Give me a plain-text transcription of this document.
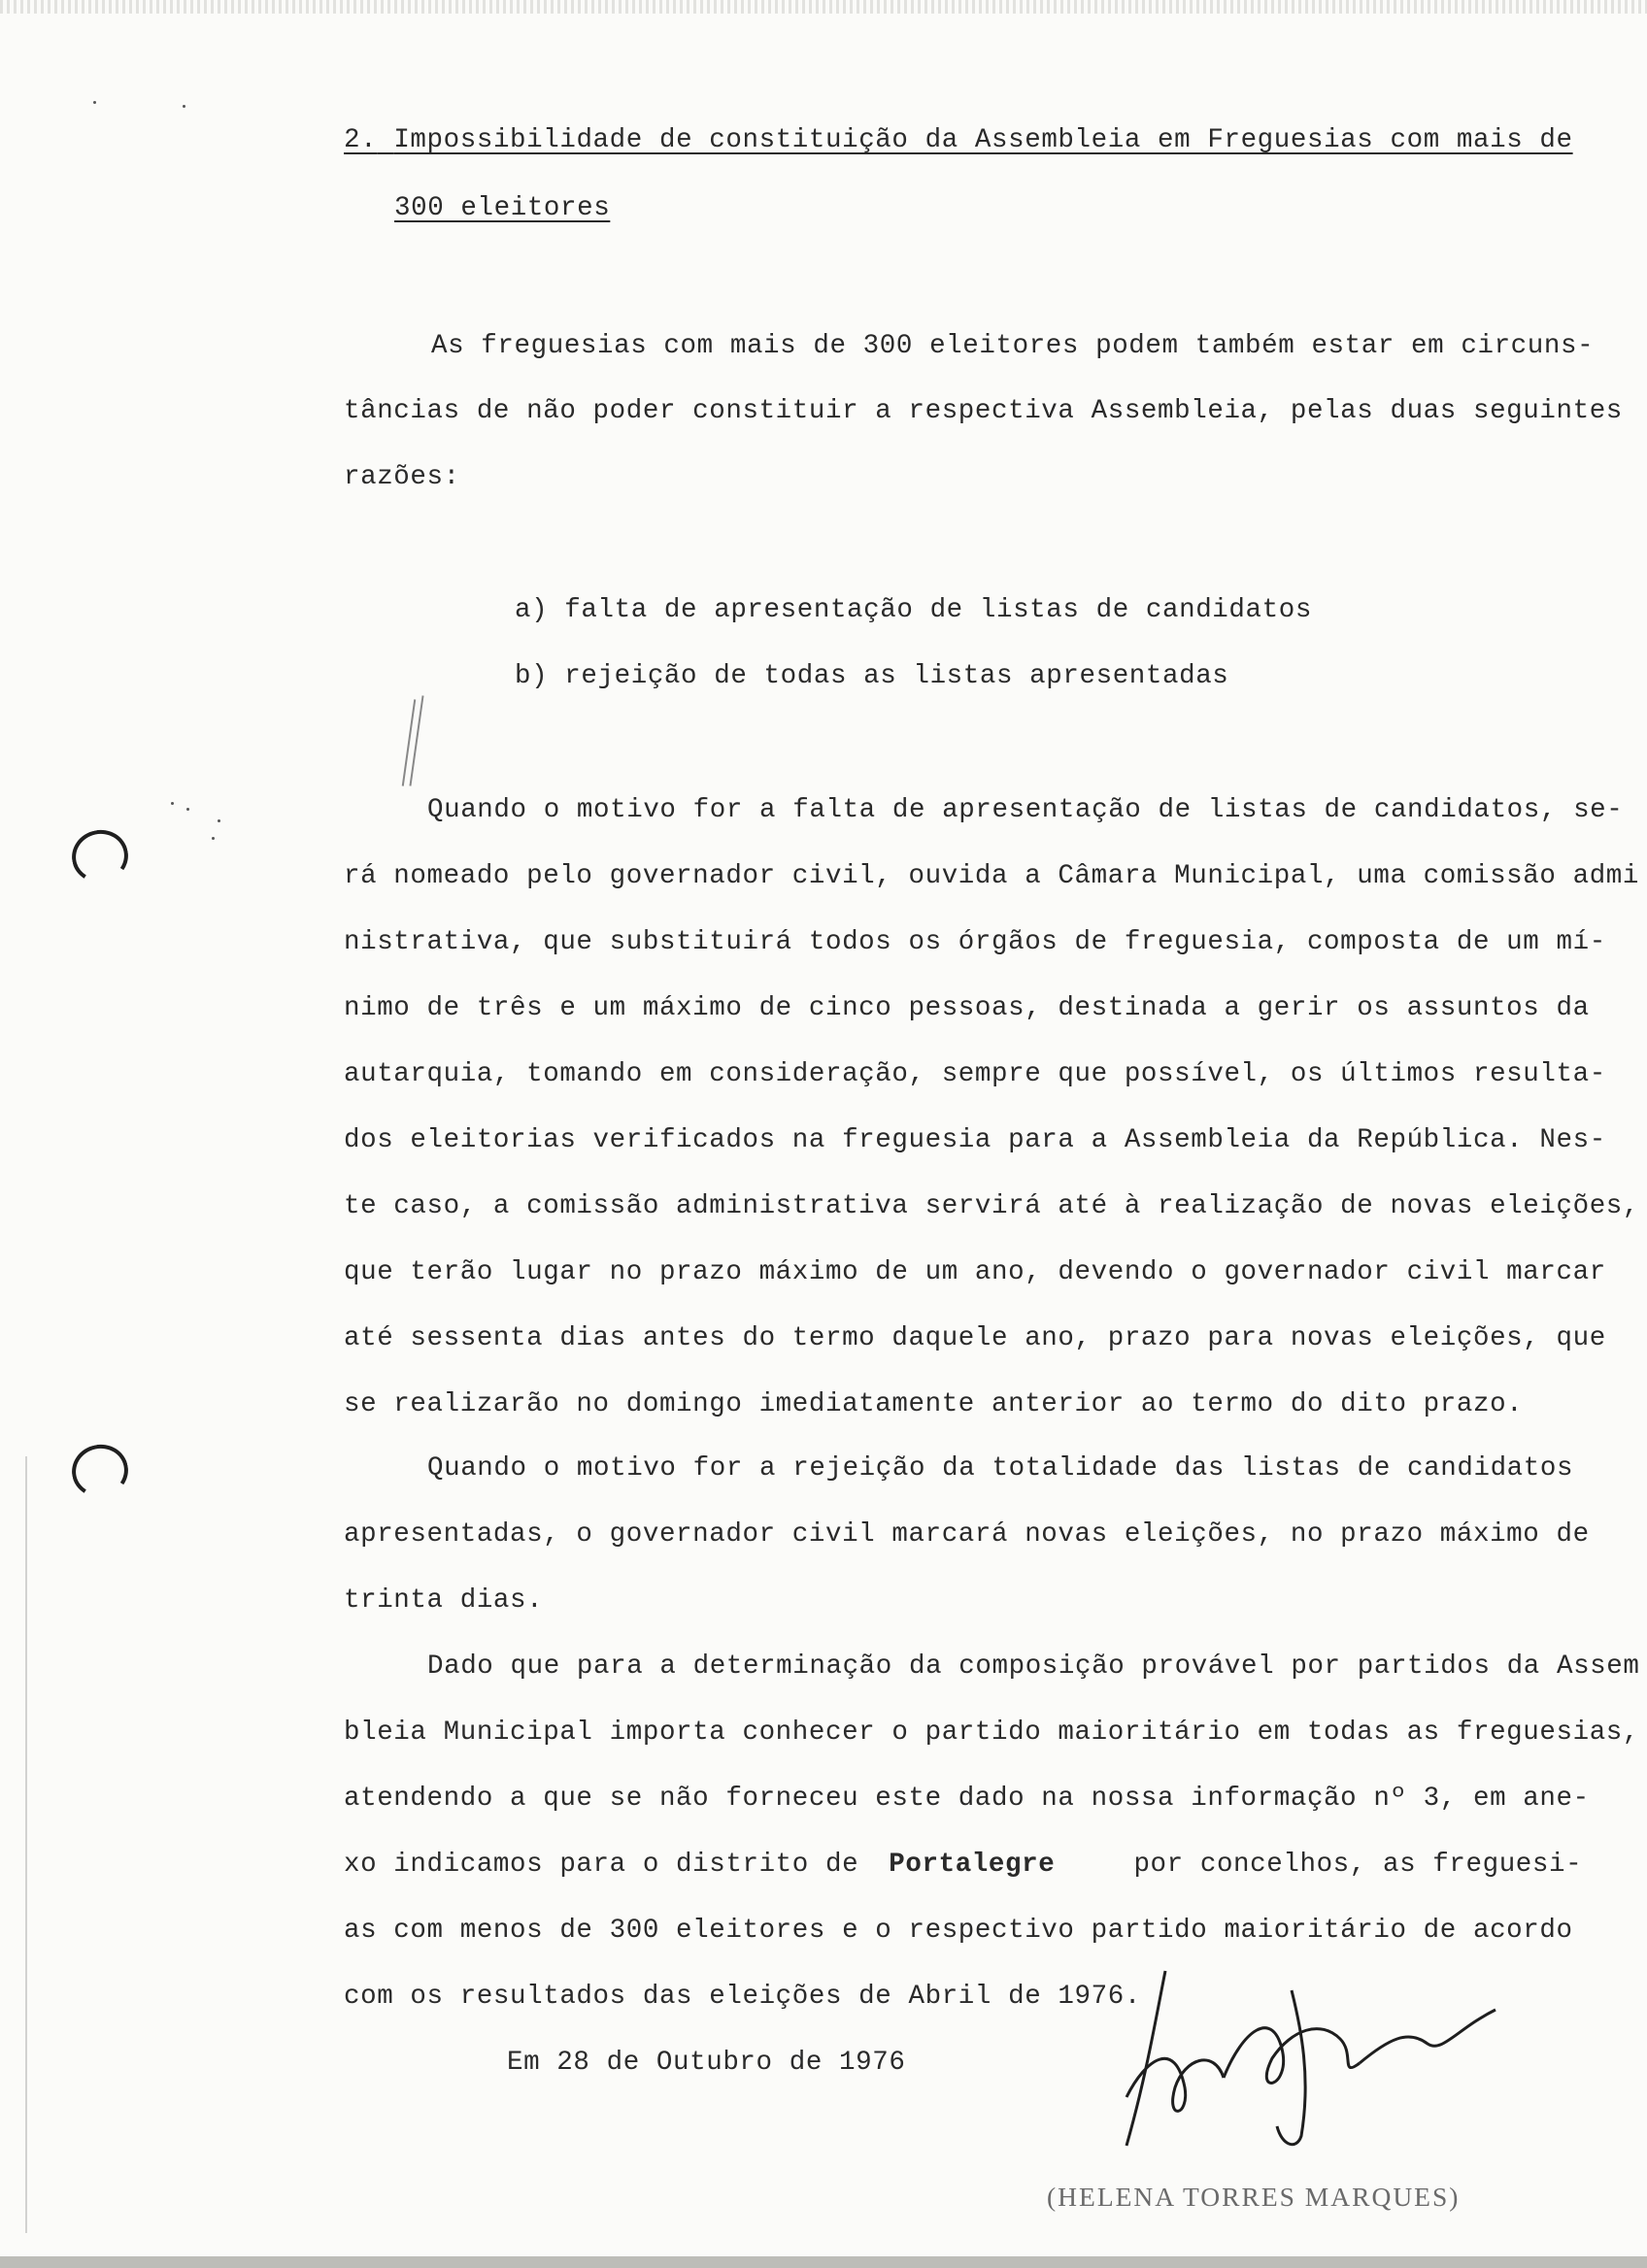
2. Impossibilidade de constituição da Assembleia em Freguesias com mais de
300 eleitores
As freguesias com mais de 300 eleitores podem também estar em circuns-
tâncias de não poder constituir a respectiva Assembleia, pelas duas seguintes
razões:
a) falta de apresentação de listas de candidatos
b) rejeição de todas as listas apresentadas
Quando o motivo for a falta de apresentação de listas de candidatos, se-
rá nomeado pelo governador civil, ouvida a Câmara Municipal, uma comissão admi
nistrativa, que substituirá todos os órgãos de freguesia, composta de um mí-
nimo de três e um máximo de cinco pessoas, destinada a gerir os assuntos da
autarquia, tomando em consideração, sempre que possível, os últimos resulta-
dos eleitorias verificados na freguesia para a Assembleia da República. Nes-
te caso, a comissão administrativa servirá até à realização de novas eleições,
que terão lugar no prazo máximo de um ano, devendo o governador civil marcar
até sessenta dias antes do termo daquele ano, prazo para novas eleições, que
se realizarão no domingo imediatamente anterior ao termo do dito prazo.
Quando o motivo for a rejeição da totalidade das listas de candidatos
apresentadas, o governador civil marcará novas eleições, no prazo máximo de
trinta dias.
Dado que para a determinação da composição provável por partidos da Assem
bleia Municipal importa conhecer o partido maioritário em todas as freguesias,
atendendo a que se não forneceu este dado na nossa informação nº 3, em ane-
xo indicamos para o distrito de Portalegre	por concelhos, as freguesi-
as com menos de 300 eleitores e o respectivo partido maioritário de acordo
com os resultados das eleições de Abril de 1976.
Em 28 de Outubro de 1976
(HELENA TORRES MARQUES)
